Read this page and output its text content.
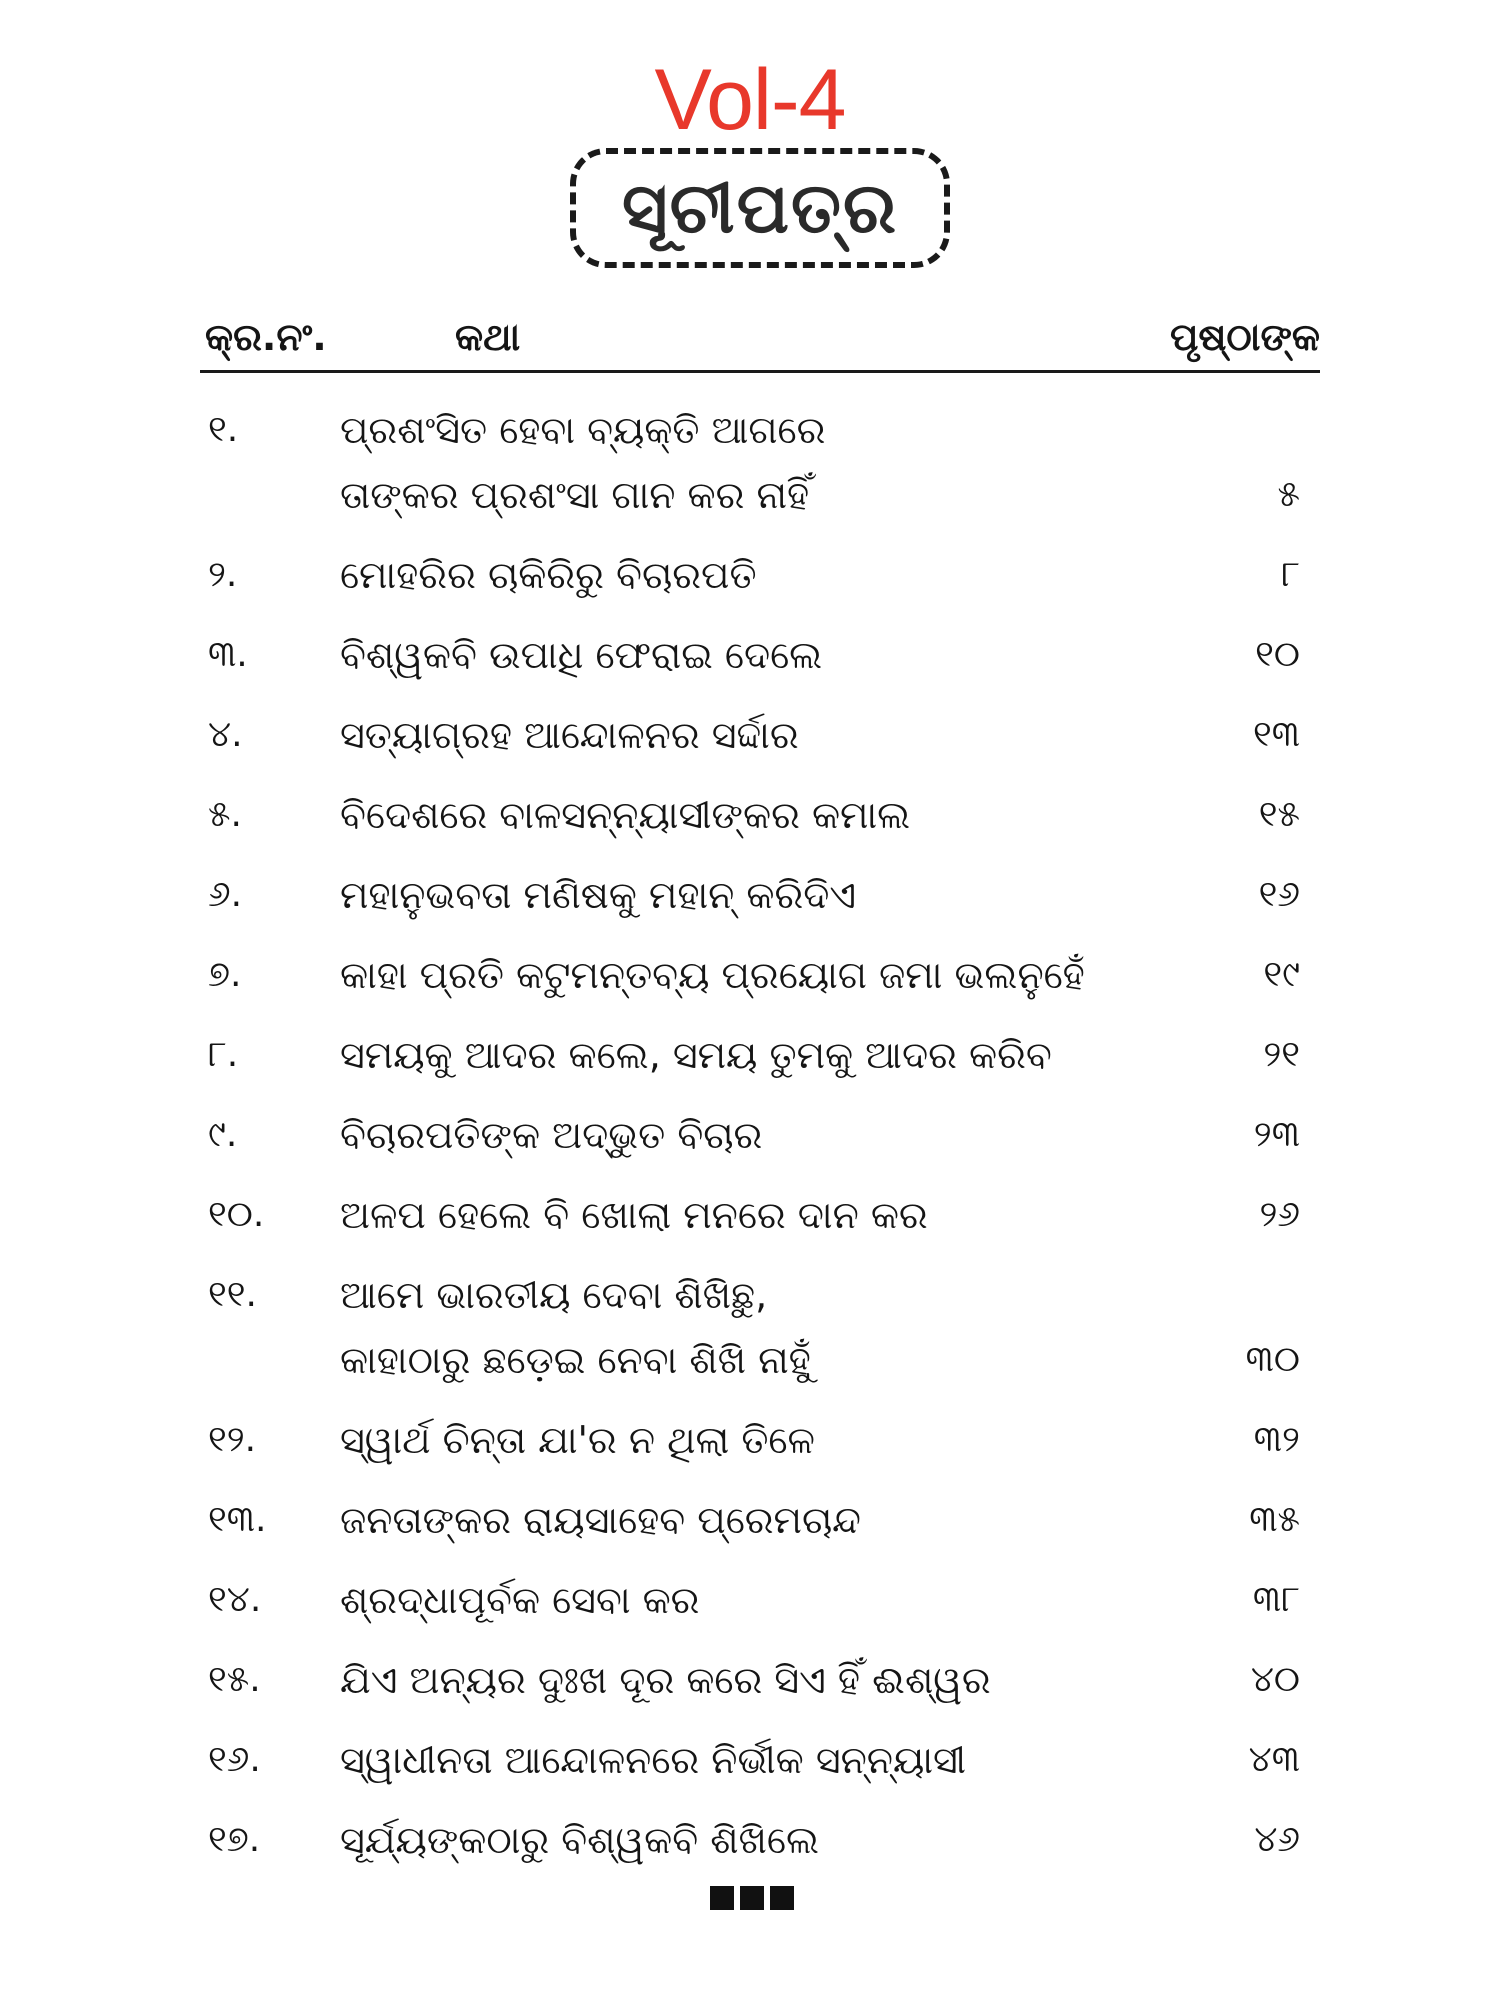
Vol-4
ସୂଚୀପତ୍ର
କ୍ର.ନଂ.	କଥା	ପୃଷ୍ଠାଙ୍କ
୧.	ପ୍ରଶଂସିତ ହେବା ବ୍ୟକ୍ତି ଆଗରେ
ତାଙ୍କର ପ୍ରଶଂସା ଗାନ କର ନାହିଁ	୫
୨.	ମୋହରିର ଚାକିରିରୁ ବିଚାରପତି	୮
୩. ବିଶ୍ୱକବି ଉପାଧି ଫେରାଇ ଦେଲେ	୧୦
୪.	ସତ୍ୟାଗ୍ରହ ଆନ୍ଦୋଳନର ସର୍ଦ୍ଦାର	୧୩
୫.	ବିଦେଶରେ ବାଳସନ୍ନ୍ୟାସୀଙ୍କର କମାଲ	୧୫
୬.	ମହାନୁଭବତା ମଣିଷକୁ ମହାନ୍ କରିଦିଏ	୧୬
୭.	କାହା ପ୍ରତି କଟୁମନ୍ତବ୍ୟ ପ୍ରୟୋଗ ଜମା ଭଲନୁହେଁ	୧୯
୮.	ସମୟକୁ ଆଦର କଲେ, ସମୟ ତୁମକୁ ଆଦର କରିବ	୨୧
୯.	ବିଚାରପତିଙ୍କ ଅଦ୍ଭୁତ ବିଚାର	୨୩
୧୦. ଅଳପ ହେଲେ ବି ଖୋଲା ମନରେ ଦାନ କର	୨୬
୧୧. ଆମେ ଭାରତୀୟ ଦେବା ଶିଖିଛୁ,
କାହାଠାରୁ ଛଡ଼େଇ ନେବା ଶିଖି ନାହୁଁ	୩୦
୧୨. ସ୍ୱାର୍ଥ ଚିନ୍ତା ଯା'ର ନ ଥିଲା ତିଳେ	୩୨
୧୩. ଜନତାଙ୍କର ରାୟସାହେବ ପ୍ରେମଚାନ୍ଦ	୩୫
୧୪. ଶ୍ରଦ୍ଧାପୂର୍ବକ ସେବା କର	୩୮
୧୫. ଯିଏ ଅନ୍ୟର ଦୁଃଖ ଦୂର କରେ ସିଏ ହିଁ ଈଶ୍ୱର	୪୦
୧୬. ସ୍ୱାଧୀନତା ଆନ୍ଦୋଳନରେ ନିର୍ଭୀକ ସନ୍ନ୍ୟାସୀ	୪୩
୧୭. ସୂର୍ଯ୍ୟଙ୍କଠାରୁ ବିଶ୍ୱକବି ଶିଖିଲେ	୪୬
